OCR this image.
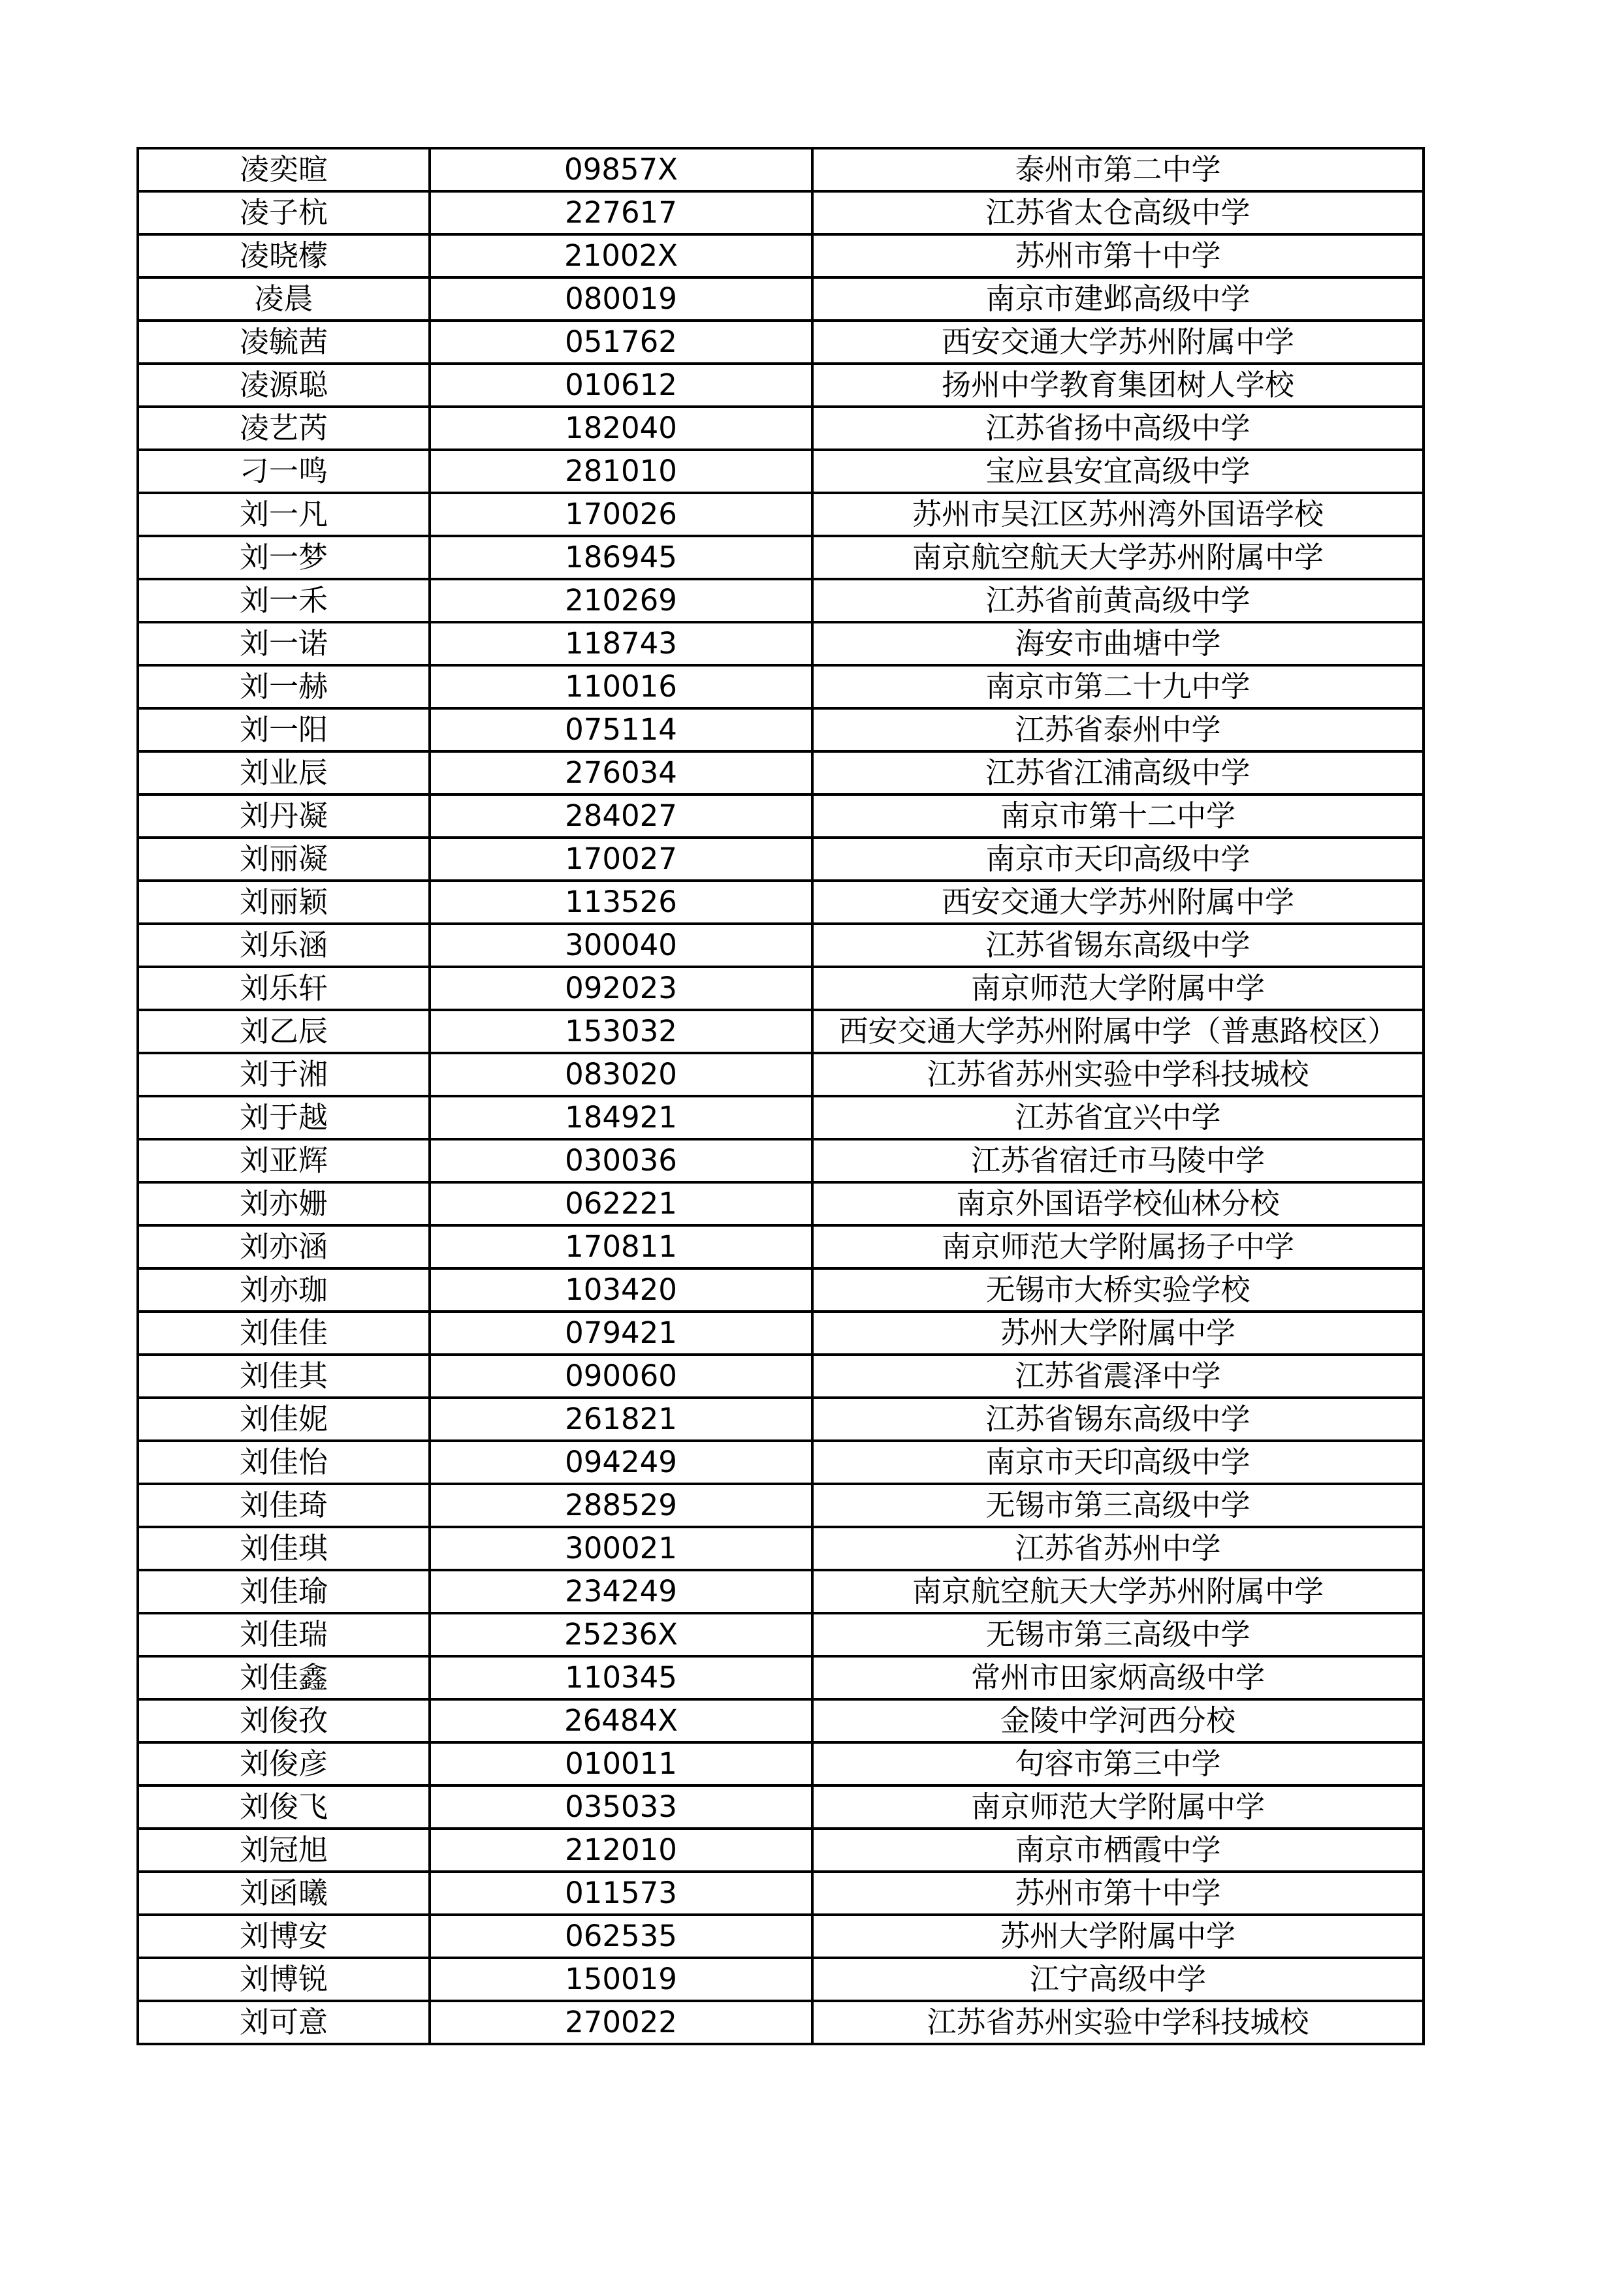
凌奕暄	09857X	泰州市第二中学
凌子杭	227617	江苏省太仓高级中学
凌晓檬	21002X	苏州市第十中学
凌晨	080019	南京市建邺高级中学
凌毓茜	051762	西安交通大学苏州附属中学
凌源聪	010612	扬州中学教育集团树人学校
凌艺芮	182040	江苏省扬中高级中学
刁一鸣	281010	宝应县安宜高级中学
刘一凡	170026	苏州市吴江区苏州湾外国语学校
刘一梦	186945	南京航空航天大学苏州附属中学
刘一禾	210269	江苏省前黄高级中学
刘一诺	118743	海安市曲塘中学
刘一赫	110016	南京市第二十九中学
刘一阳	075114	江苏省泰州中学
刘业辰	276034	江苏省江浦高级中学
刘丹凝	284027	南京市第十二中学
刘丽凝	170027	南京市天印高级中学
刘丽颖	113526	西安交通大学苏州附属中学
刘乐涵	300040	江苏省锡东高级中学
刘乐轩	092023	南京师范大学附属中学
刘乙辰	153032	西安交通大学苏州附属中学（普惠路校区）
刘于湘	083020	江苏省苏州实验中学科技城校
刘于越	184921	江苏省宜兴中学
刘亚辉	030036	江苏省宿迁市马陵中学
刘亦姗	062221	南京外国语学校仙林分校
刘亦涵	170811	南京师范大学附属扬子中学
刘亦珈	103420	无锡市大桥实验学校
刘佳佳	079421	苏州大学附属中学
刘佳其	090060	江苏省震泽中学
刘佳妮	261821	江苏省锡东高级中学
刘佳怡	094249	南京市天印高级中学
刘佳琦	288529	无锡市第三高级中学
刘佳琪	300021	江苏省苏州中学
刘佳瑜	234249	南京航空航天大学苏州附属中学
刘佳瑞	25236X	无锡市第三高级中学
刘佳鑫	110345	常州市田家炳高级中学
刘俊孜	26484X	金陵中学河西分校
刘俊彦	010011	句容市第三中学
刘俊飞	035033	南京师范大学附属中学
刘冠旭	212010	南京市栖霞中学
刘函曦	011573	苏州市第十中学
刘博安	062535	苏州大学附属中学
刘博锐	150019	江宁高级中学
刘可意	270022	江苏省苏州实验中学科技城校
